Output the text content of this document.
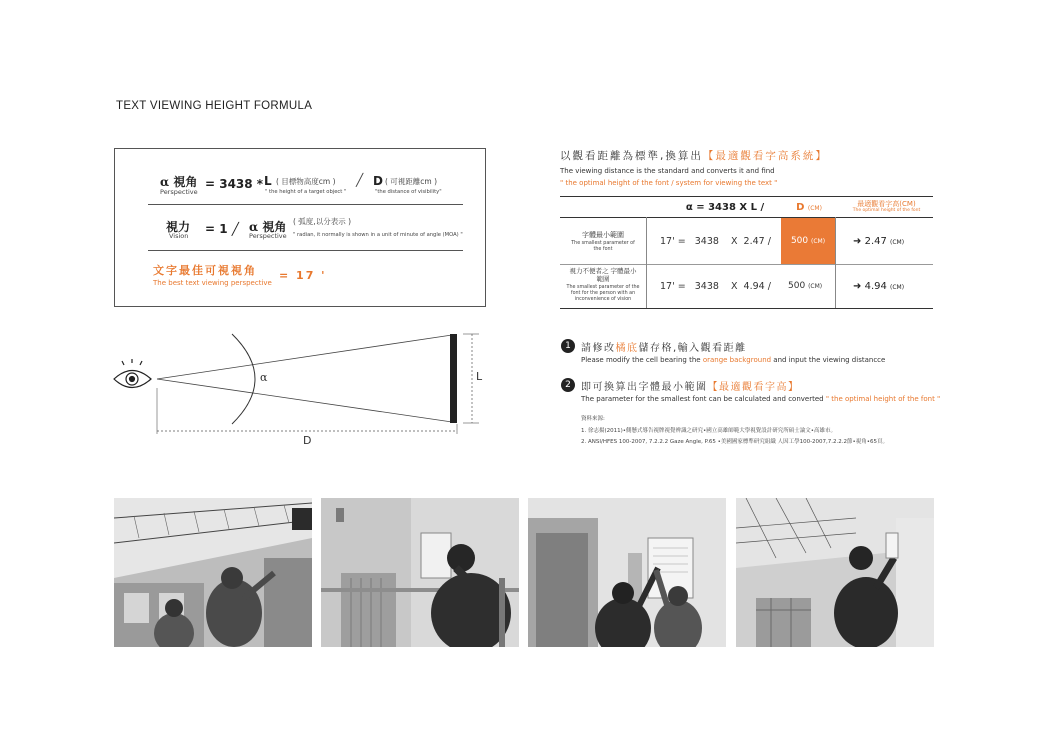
TEXT VIEWING HEIGHT FORMULA
α 視角
Perspective
= 3438 * L ( 目標物高度cm )
" the height of a target object "
╱ D ( 可視距離cm )
"the distance of visibility"
視力
Vision = 1 ╱ α 視角
Perspective
( 弧度,以分表示 )
" radian, it normally is shown in a unit of minute of angle (MOA) "
文字最佳可視視角
The best text viewing perspective
= 17 '
α	L
D
以觀看距離為標準,換算出【最適觀看字高系統】
The viewing distance is the standard and converts it and find
" the optimal height of the font / system for viewing the text "
α = 3438 X L /	D (CM)
最適觀看字高(CM)
The optimal height of the font
字體最小範圍
The smallest parameter of the font
17' =   3438    X  2.47 /	500 (CM)	➜ 2.47 (CM)
視力不便者之 字體最小範圍
The smallest parameter of the font for the person with an inconvenience of vision
17' =   3438    X  4.94 / 500 (CM)	➜ 4.94 (CM)
1	請修改橘底儲存格,輸入觀看距離
Please modify the cell bearing the orange background and input the viewing distancce
2	即可換算出字體最小範圍【最適觀看字高】
The parameter for the smallest font can be calculated and converted " the optimal height of the font "
資料來源:
1. 徐志揚(2011)•側懸式導告視牌視覺辨識之研究•國立高雄師範大學視覺設計研究所碩士論文•高雄市。
2. ANSI/HFES 100-2007, 7.2.2.2 Gaze Angle, P.65 •美國國家標準研究組織 人因工學100-2007,7.2.2.2節•視角•65頁。
